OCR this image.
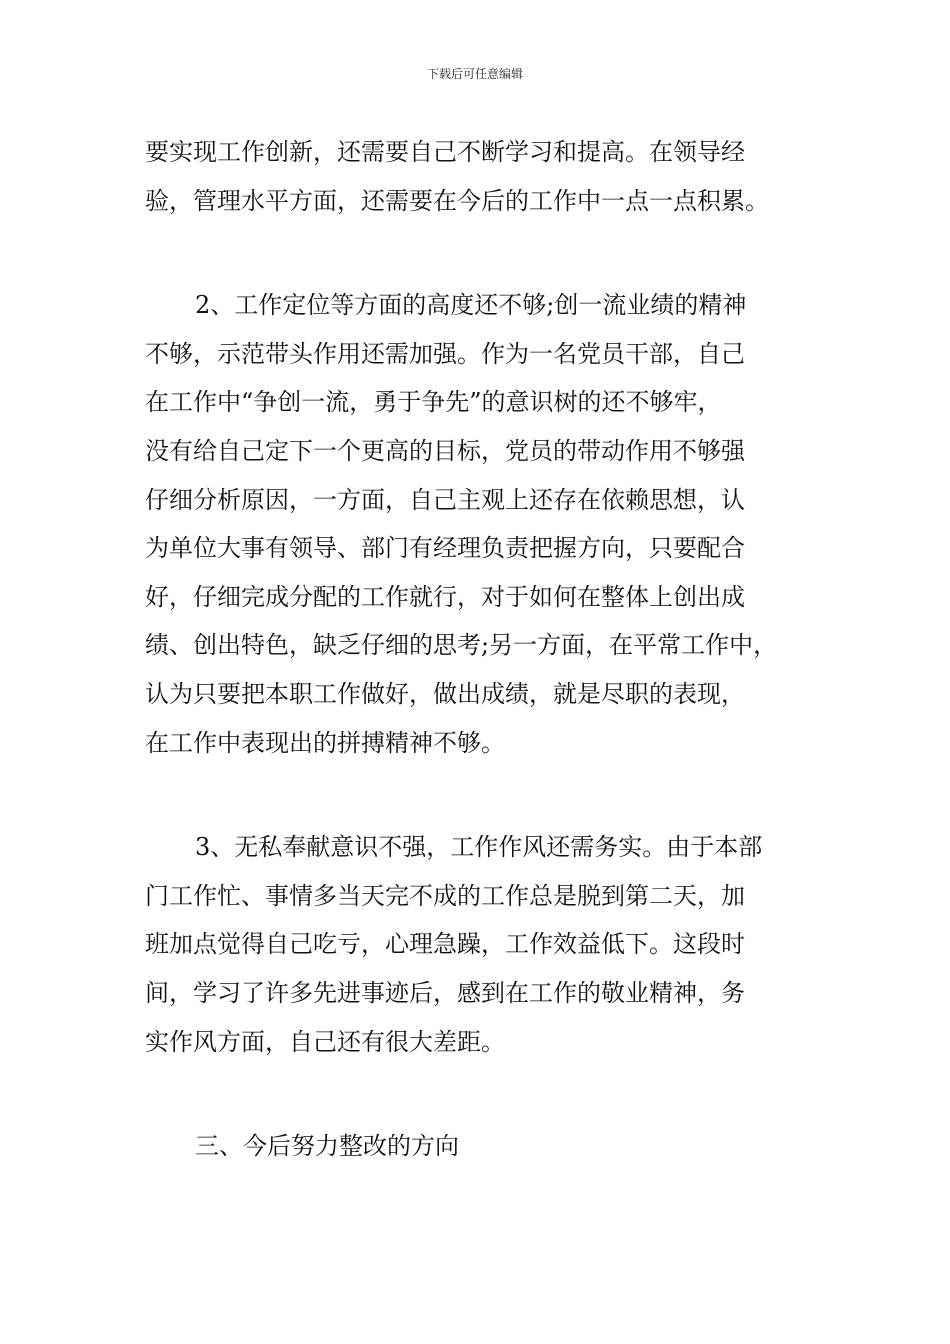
下载后可任意编辑
要实现工作创新，还需要自己不断学习和提高。在领导经
验，管理水平方面，还需要在今后的工作中一点一点积累。
2、工作定位等方面的高度还不够;创一流业绩的精神
不够，示范带头作用还需加强。作为一名党员干部，自己
在工作中“争创一流，勇于争先”的意识树的还不够牢，
没有给自己定下一个更高的目标，党员的带动作用不够强
仔细分析原因，一方面，自己主观上还存在依赖思想，认
为单位大事有领导、部门有经理负责把握方向，只要配合
好，仔细完成分配的工作就行，对于如何在整体上创出成
绩、创出特色，缺乏仔细的思考;另一方面，在平常工作中，
认为只要把本职工作做好，做出成绩，就是尽职的表现，
在工作中表现出的拼搏精神不够。
3、无私奉献意识不强，工作作风还需务实。由于本部
门工作忙、事情多当天完不成的工作总是脱到第二天，加
班加点觉得自己吃亏，心理急躁，工作效益低下。这段时
间，学习了许多先进事迹后，感到在工作的敬业精神，务
实作风方面，自己还有很大差距。
三、今后努力整改的方向
